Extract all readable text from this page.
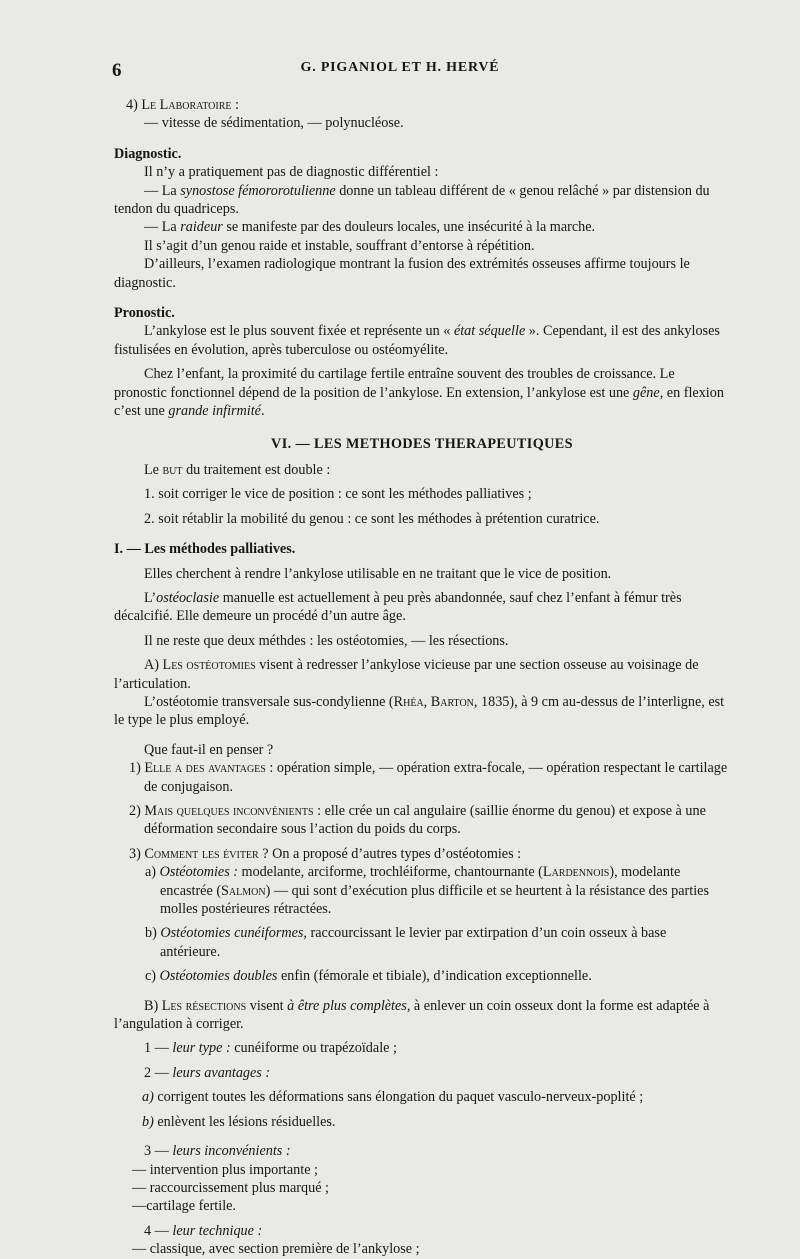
6	G. PIGANIOL ET H. HERVÉ

4) Le Laboratoire :

— vitesse de sédimentation, — polynucléose.

Diagnostic.

Il n’y a pratiquement pas de diagnostic différentiel :

— La synostose fémororotulienne donne un tableau différent de « genou relâché » par distension du tendon du quadriceps.

— La raideur se manifeste par des douleurs locales, une insécurité à la marche.

Il s’agit d’un genou raide et instable, souffrant d’entorse à répétition.

D’ailleurs, l’examen radiologique montrant la fusion des extrémités osseuses affirme toujours le diagnostic.

Pronostic.

L’ankylose est le plus souvent fixée et représente un « état séquelle ». Cependant, il est des ankyloses fistulisées en évolution, après tuberculose ou ostéomyélite.

Chez l’enfant, la proximité du cartilage fertile entraîne souvent des troubles de croissance. Le pronostic fonctionnel dépend de la position de l’ankylose. En extension, l’ankylose est une gêne, en flexion c’est une grande infirmité.

VI. — LES METHODES THERAPEUTIQUES

Le but du traitement est double :

1. soit corriger le vice de position : ce sont les méthodes palliatives ;

2. soit rétablir la mobilité du genou : ce sont les méthodes à prétention curatrice.

I. — Les méthodes palliatives.

Elles cherchent à rendre l’ankylose utilisable en ne traitant que le vice de position.

L’ostéoclasie manuelle est actuellement à peu près abandonnée, sauf chez l’enfant à fémur très décalcifié. Elle demeure un procédé d’un autre âge.

Il ne reste que deux méthdes : les ostéotomies, — les résections.

A) Les ostéotomies visent à redresser l’ankylose vicieuse par une section osseuse au voisinage de l’articulation.

L’ostéotomie transversale sus-condylienne (Rhéa, Barton, 1835), à 9 cm au-dessus de l’interligne, est le type le plus employé.

Que faut-il en penser ?

1) Elle a des avantages : opération simple, — opération extra-focale, — opération respectant le cartilage de conjugaison.

2) Mais quelques inconvénients : elle crée un cal angulaire (saillie énorme du genou) et expose à une déformation secondaire sous l’action du poids du corps.

3) Comment les éviter ? On a proposé d’autres types d’ostéotomies :

a) Ostéotomies : modelante, arciforme, trochléiforme, chantournante (Lardennois), modelante encastrée (Salmon) — qui sont d’exécution plus difficile et se heurtent à la résistance des parties molles postérieures rétractées.

b) Ostéotomies cunéiformes, raccourcissant le levier par extirpation d’un coin osseux à base antérieure.

c) Ostéotomies doubles enfin (fémorale et tibiale), d’indication exceptionnelle.

B) Les résections visent à être plus complètes, à enlever un coin osseux dont la forme est adaptée à l’angulation à corriger.

1 — leur type : cunéiforme ou trapézoïdale ;

2 — leurs avantages :

a) corrigent toutes les déformations sans élongation du paquet vasculo-nerveux-poplité ;

b) enlèvent les lésions résiduelles.

3 — leurs inconvénients :

— intervention plus importante ;

— raccourcissement plus marqué ;

—cartilage fertile.

4 — leur technique :

— classique, avec section première de l’ankylose ;
